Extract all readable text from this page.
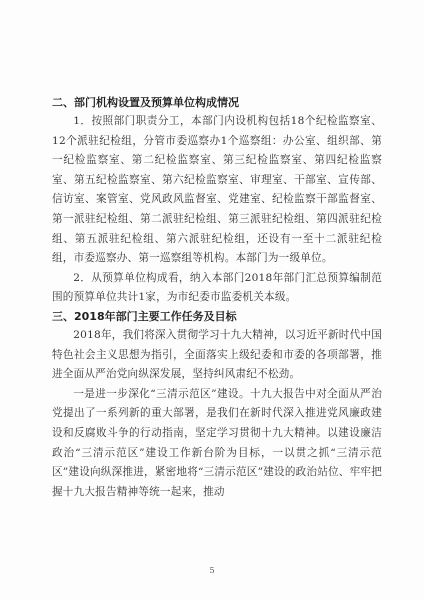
二、部门机构设置及预算单位构成情况

1．按照部门职责分工，本部门内设机构包括18个纪检监察室、12个派驻纪检组，分管市委巡察办1个巡察组：办公室、组织部、第一纪检监察室、第二纪检监察室、第三纪检监察室、第四纪检监察室、第五纪检监察室、第六纪检监察室、审理室、干部室、宣传部、信访室、案管室、党风政风监督室、党建室、纪检监察干部监督室、第一派驻纪检组、第二派驻纪检组、第三派驻纪检组、第四派驻纪检组、第五派驻纪检组、第六派驻纪检组，还设有一至十二派驻纪检组，市委巡察办、第一巡察组等机构。本部门为一级单位。

2．从预算单位构成看，纳入本部门2018年部门汇总预算编制范围的预算单位共计1家，为市纪委市监委机关本级。

三、2018年部门主要工作任务及目标

2018年，我们将深入贯彻学习十九大精神，以习近平新时代中国特色社会主义思想为指引，全面落实上级纪委和市委的各项部署，推进全面从严治党向纵深发展，坚持纠风肃纪不松劲。

一是进一步深化“三清示范区”建设。十九大报告中对全面从严治党提出了一系列新的重大部署，是我们在新时代深入推进党风廉政建设和反腐败斗争的行动指南，坚定学习贯彻十九大精神。以建设廉洁政治“三清示范区”建设工作新台阶为目标，一以贯之抓“三清示范区”建设向纵深推进，紧密地将“三清示范区”建设的政治站位、牢牢把握十九大报告精神等统一起来，推动

5
